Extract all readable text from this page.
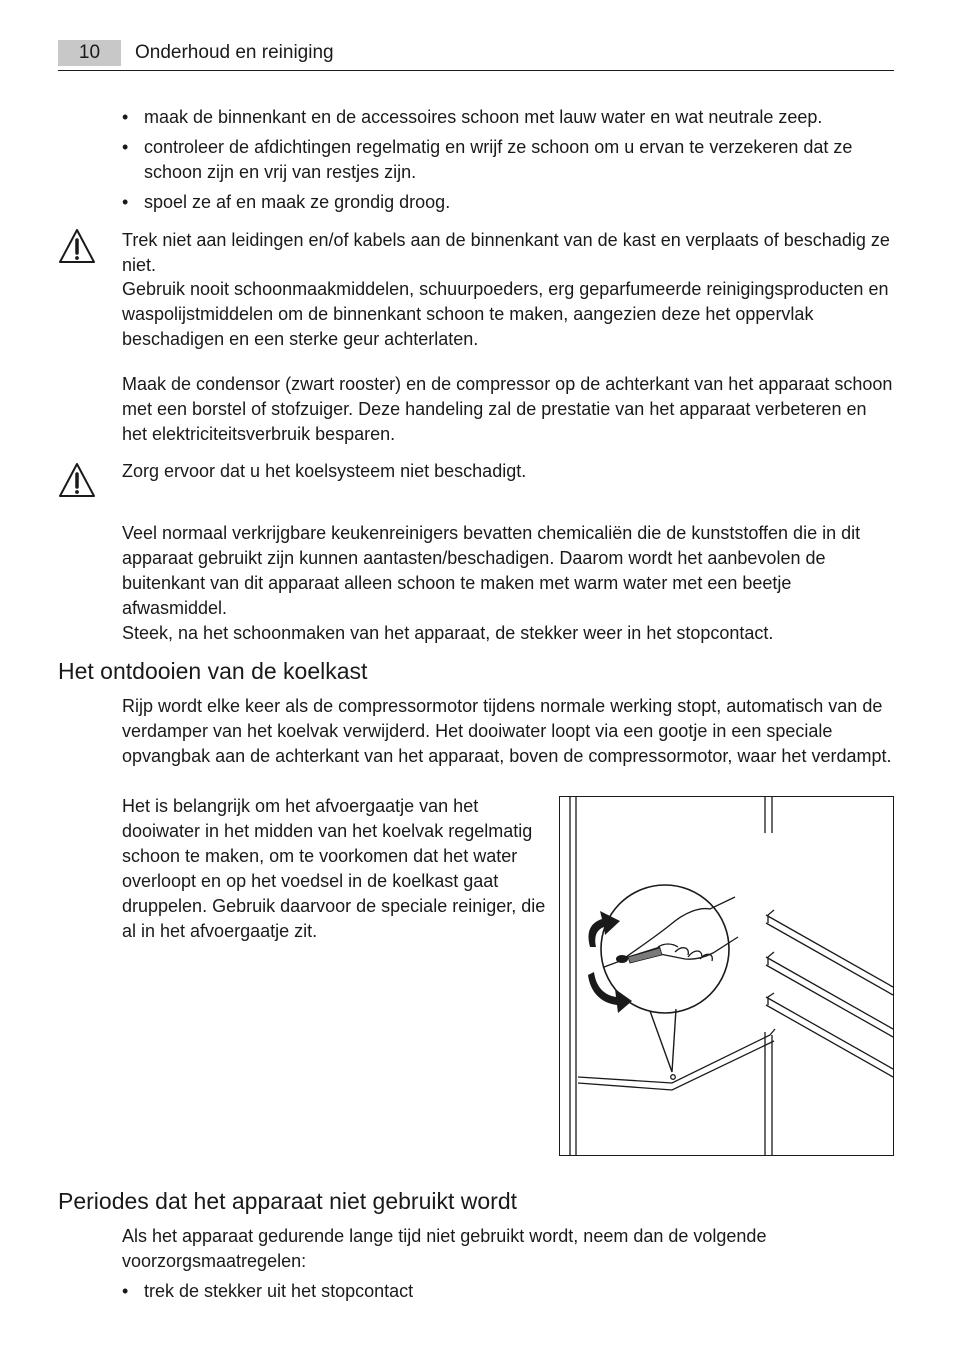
10	Onderhoud en reiniging
• maak de binnenkant en de accessoires schoon met lauw water en wat neutrale zeep.
• controleer de afdichtingen regelmatig en wrijf ze schoon om u ervan te verzekeren dat ze schoon zijn en vrij van restjes zijn.
• spoel ze af en maak ze grondig droog.
Trek niet aan leidingen en/of kabels aan de binnenkant van de kast en verplaats of beschadig ze niet.
Gebruik nooit schoonmaakmiddelen, schuurpoeders, erg geparfumeerde reinigingsproducten en waspolijstmiddelen om de binnenkant schoon te maken, aangezien deze het oppervlak beschadigen en een sterke geur achterlaten.
Maak de condensor (zwart rooster) en de compressor op de achterkant van het apparaat schoon met een borstel of stofzuiger. Deze handeling zal de prestatie van het apparaat verbeteren en het elektriciteitsverbruik besparen.
Zorg ervoor dat u het koelsysteem niet beschadigt.
Veel normaal verkrijgbare keukenreinigers bevatten chemicaliën die de kunststoffen die in dit apparaat gebruikt zijn kunnen aantasten/beschadigen. Daarom wordt het aanbevolen de buitenkant van dit apparaat alleen schoon te maken met warm water met een beetje afwasmiddel.
Steek, na het schoonmaken van het apparaat, de stekker weer in het stopcontact.
Het ontdooien van de koelkast
Rijp wordt elke keer als de compressormotor tijdens normale werking stopt, automatisch van de verdamper van het koelvak verwijderd. Het dooiwater loopt via een gootje in een speciale opvangbak aan de achterkant van het apparaat, boven de compressormotor, waar het verdampt.
Het is belangrijk om het afvoergaatje van het dooiwater in het midden van het koelvak regelmatig schoon te maken, om te voorkomen dat het water overloopt en op het voedsel in de koelkast gaat druppelen. Gebruik daarvoor de speciale reiniger, die al in het afvoergaatje zit.
Periodes dat het apparaat niet gebruikt wordt
Als het apparaat gedurende lange tijd niet gebruikt wordt, neem dan de volgende voorzorgsmaatregelen:
• trek de stekker uit het stopcontact
